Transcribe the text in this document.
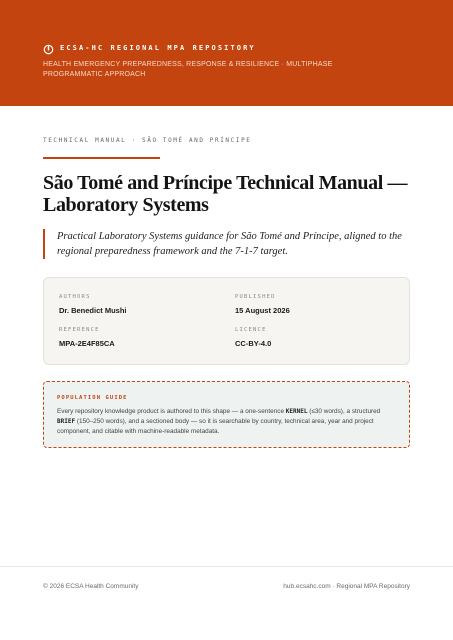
ECSA-HC REGIONAL MPA REPOSITORY
HEALTH EMERGENCY PREPAREDNESS, RESPONSE & RESILIENCE · MULTIPHASE PROGRAMMATIC APPROACH
TECHNICAL MANUAL · SÃO TOMÉ AND PRÍNCIPE
São Tomé and Príncipe Technical Manual — Laboratory Systems

Practical Laboratory Systems guidance for São Tomé and Príncipe, aligned to the regional preparedness framework and the 7-1-7 target.

AUTHORS
Dr. Benedict Mushi
PUBLISHED
15 August 2026
REFERENCE
MPA-2E4F85CA
LICENCE
CC-BY-4.0
POPULATION GUIDE

Every repository knowledge product is authored to this shape — a one-sentence KERNEL (≤30 words), a structured BRIEF (150–250 words), and a sectioned body — so it is searchable by country, technical area, year and project component, and citable with machine-readable metadata.

© 2026 ECSA Health Community	hub.ecsahc.com · Regional MPA Repository
